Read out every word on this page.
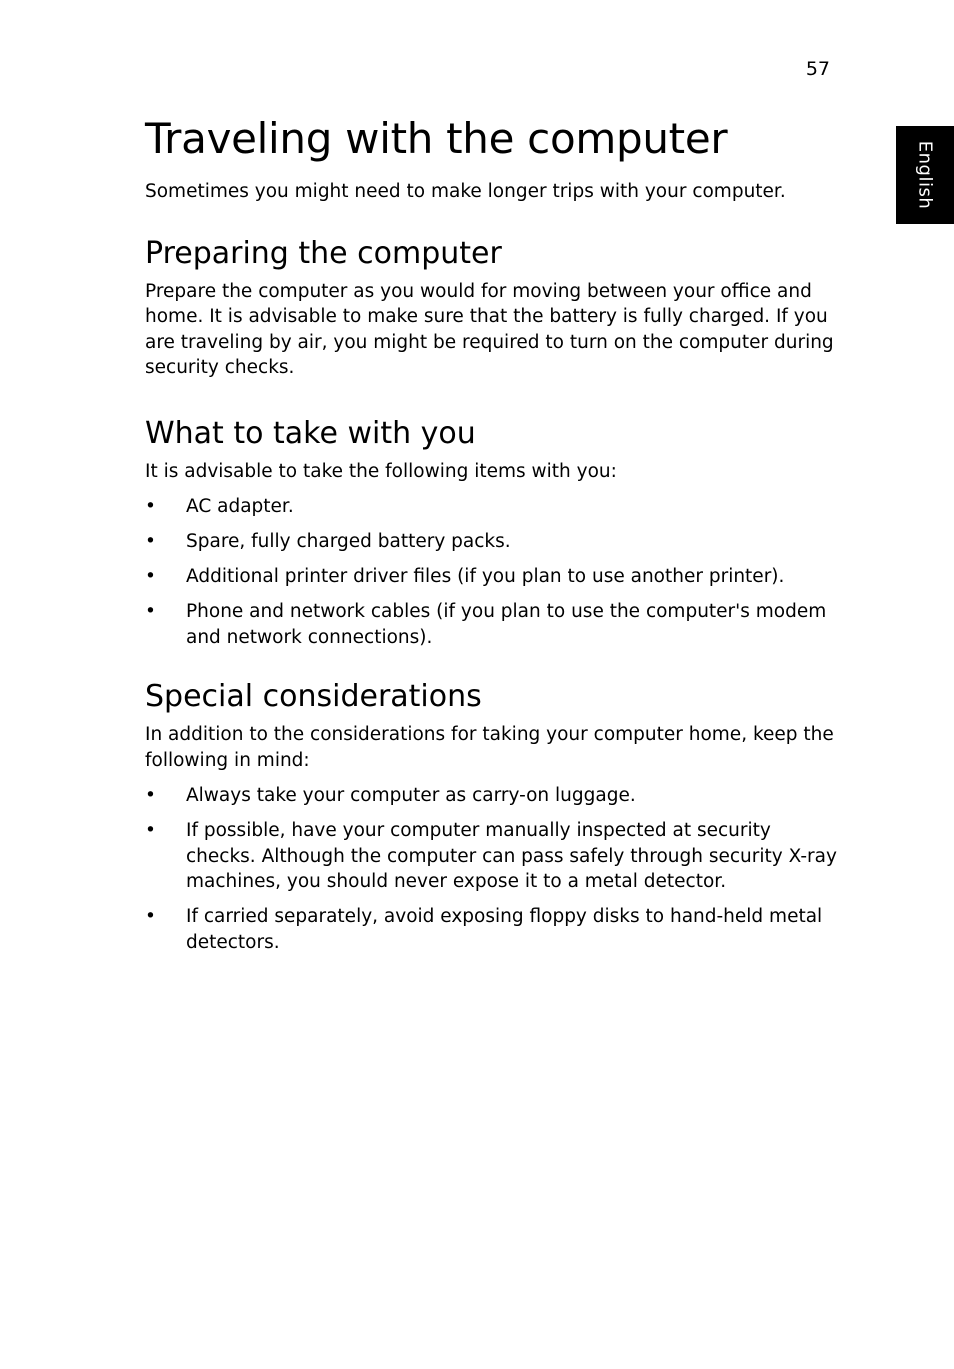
57
English
Traveling with the computer

Sometimes you might need to make longer trips with your computer.

Preparing the computer

Prepare the computer as you would for moving between your office and home. It is advisable to make sure that the battery is fully charged. If you are traveling by air, you might be required to turn on the computer during security checks.

What to take with you

It is advisable to take the following items with you:

• AC adapter.
• Spare, fully charged battery packs.
• Additional printer driver files (if you plan to use another printer).
• Phone and network cables (if you plan to use the computer's modem and network connections).
Special considerations

In addition to the considerations for taking your computer home, keep the following in mind:

• Always take your computer as carry-on luggage.
• If possible, have your computer manually inspected at security checks. Although the computer can pass safely through security X-ray machines, you should never expose it to a metal detector.
• If carried separately, avoid exposing floppy disks to hand-held metal detectors.
